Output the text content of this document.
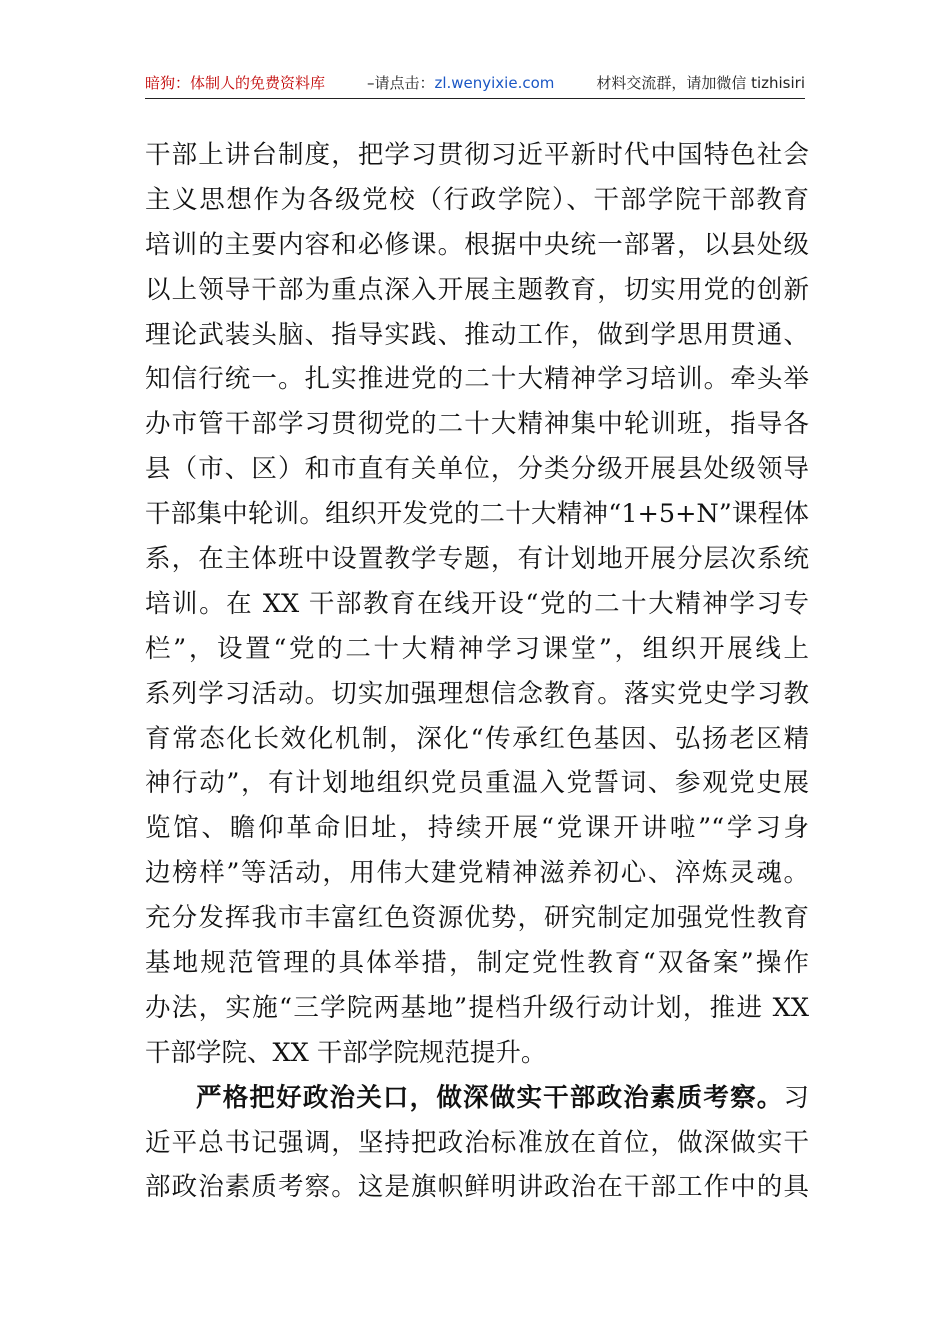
暗狗：体制人的免费资料库	–请点击：zl.wenyixie.com	材料交流群，请加微信 tizhisiri
干部上讲台制度，把学习贯彻习近平新时代中国特色社会
主义思想作为各级党校（行政学院）、干部学院干部教育
培训的主要内容和必修课。根据中央统一部署，以县处级
以上领导干部为重点深入开展主题教育，切实用党的创新
理论武装头脑、指导实践、推动工作，做到学思用贯通、
知信行统一。扎实推进党的二十大精神学习培训。牵头举
办市管干部学习贯彻党的二十大精神集中轮训班，指导各
县（市、区）和市直有关单位，分类分级开展县处级领导
干部集中轮训。组织开发党的二十大精神“1+5+N”课程体
系，在主体班中设置教学专题，有计划地开展分层次系统
培训。在 XX 干部教育在线开设“党的二十大精神学习专
栏”，设置“党的二十大精神学习课堂”，组织开展线上
系列学习活动。切实加强理想信念教育。落实党史学习教
育常态化长效化机制，深化“传承红色基因、弘扬老区精
神行动”，有计划地组织党员重温入党誓词、参观党史展
览馆、瞻仰革命旧址，持续开展“党课开讲啦”“学习身
边榜样”等活动，用伟大建党精神滋养初心、淬炼灵魂。
充分发挥我市丰富红色资源优势，研究制定加强党性教育
基地规范管理的具体举措，制定党性教育“双备案”操作
办法，实施“三学院两基地”提档升级行动计划，推进 XX
干部学院、XX 干部学院规范提升。
严格把好政治关口，做深做实干部政治素质考察。习
近平总书记强调，坚持把政治标准放在首位，做深做实干
部政治素质考察。这是旗帜鲜明讲政治在干部工作中的具
